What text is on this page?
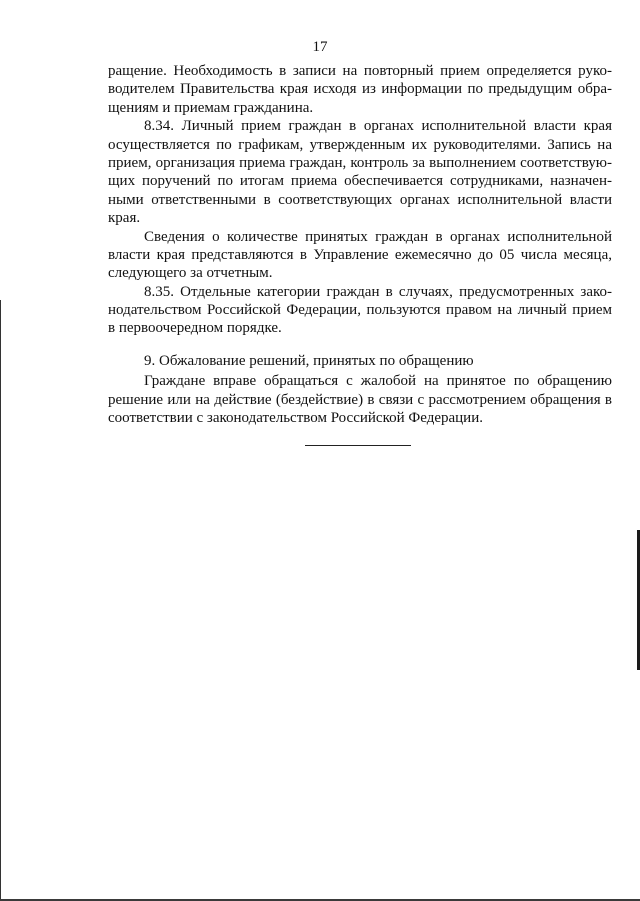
17
ращение. Необходимость в записи на повторный прием определяется руко-
водителем Правительства края исходя из информации по предыдущим обра-
щениям и приемам гражданина.
8.34. Личный прием граждан в органах исполнительной власти края
осуществляется по графикам, утвержденным их руководителями. Запись на
прием, организация приема граждан, контроль за выполнением соответствую-
щих поручений по итогам приема обеспечивается сотрудниками, назначен-
ными ответственными в соответствующих органах исполнительной власти
края.
Сведения о количестве принятых граждан в органах исполнительной
власти края представляются в Управление ежемесячно до 05 числа месяца,
следующего за отчетным.
8.35. Отдельные категории граждан в случаях, предусмотренных зако-
нодательством Российской Федерации, пользуются правом на личный прием
в первоочередном порядке.
9. Обжалование решений, принятых по обращению
Граждане вправе обращаться с жалобой на принятое по обращению
решение или на действие (бездействие) в связи с рассмотрением обращения в
соответствии с законодательством Российской Федерации.
